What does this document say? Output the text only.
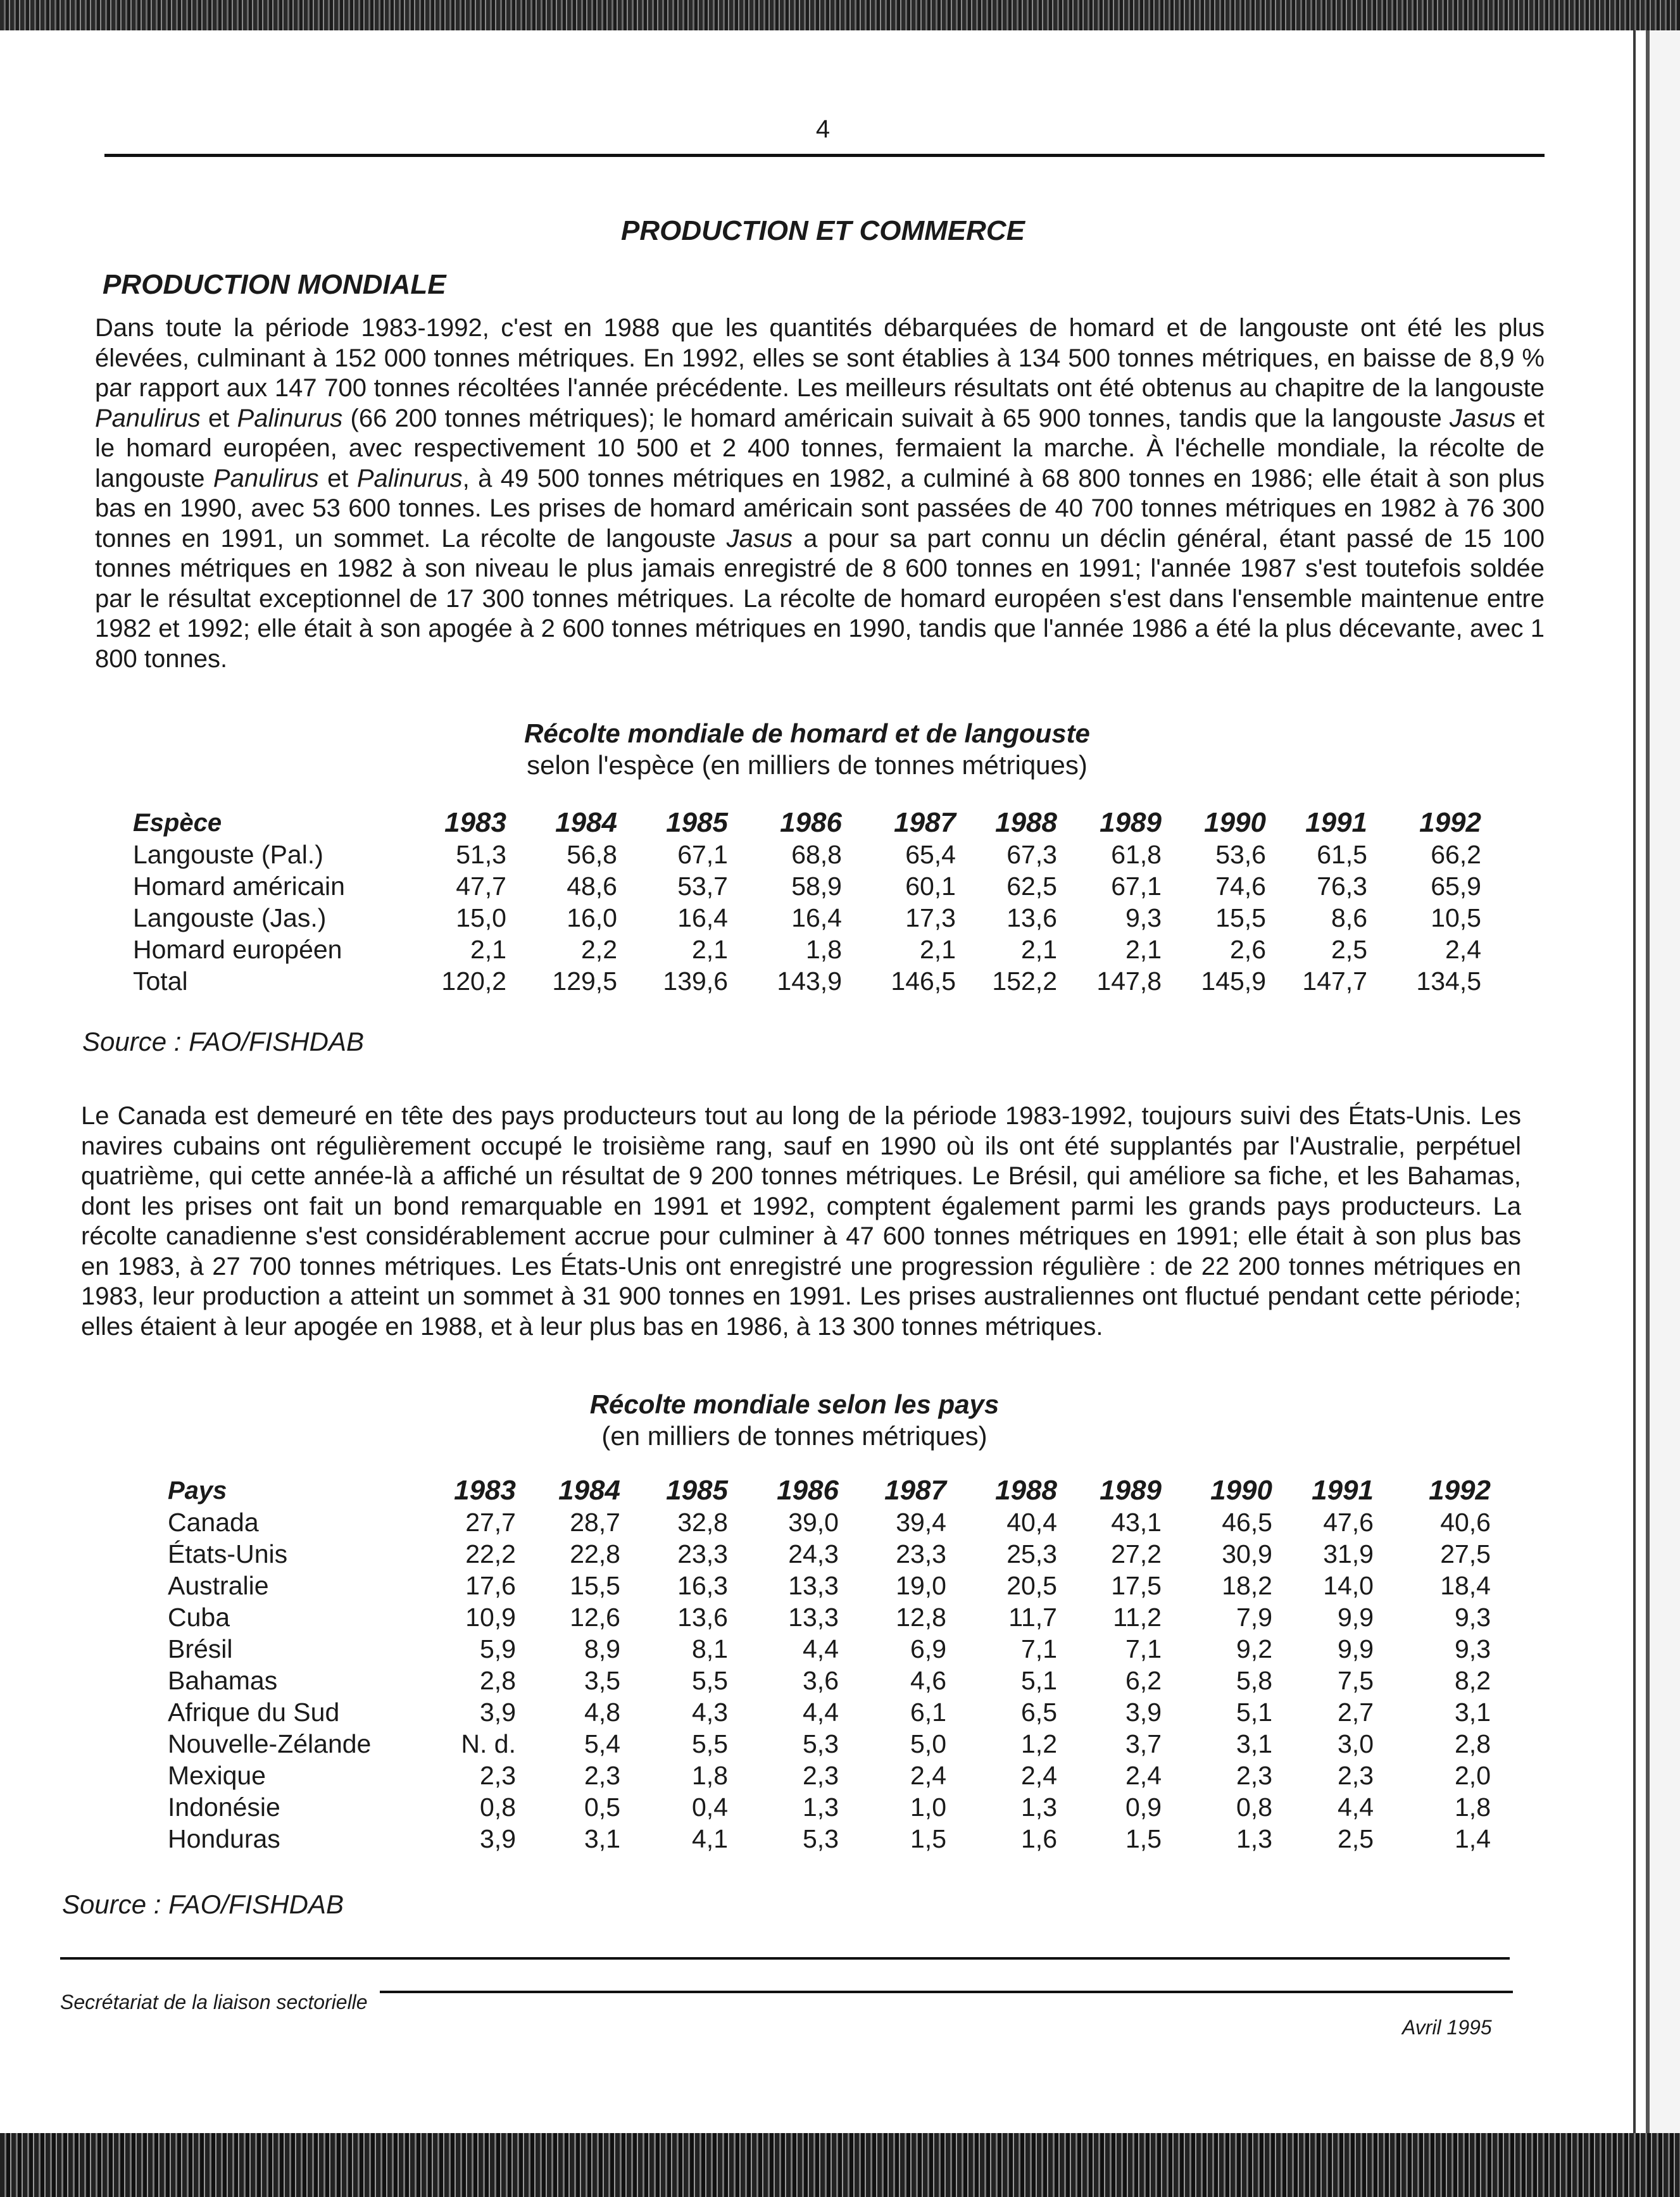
4
PRODUCTION ET COMMERCE
PRODUCTION MONDIALE

Dans toute la période 1983-1992, c'est en 1988 que les quantités débarquées de homard et de langouste ont été les plus élevées, culminant à 152 000 tonnes métriques. En 1992, elles se sont établies à 134 500 tonnes métriques, en baisse de 8,9 % par rapport aux 147 700 tonnes récoltées l'année précédente. Les meilleurs résultats ont été obtenus au chapitre de la langouste Panulirus et Palinurus (66 200 tonnes métriques); le homard américain suivait à 65 900 tonnes, tandis que la langouste Jasus et le homard européen, avec respectivement 10 500 et 2 400 tonnes, fermaient la marche. À l'échelle mondiale, la récolte de langouste Panulirus et Palinurus, à 49 500 tonnes métriques en 1982, a culminé à 68 800 tonnes en 1986; elle était à son plus bas en 1990, avec 53 600 tonnes. Les prises de homard américain sont passées de 40 700 tonnes métriques en 1982 à 76 300 tonnes en 1991, un sommet. La récolte de langouste Jasus a pour sa part connu un déclin général, étant passé de 15 100 tonnes métriques en 1982 à son niveau le plus jamais enregistré de 8 600 tonnes en 1991; l'année 1987 s'est toutefois soldée par le résultat exceptionnel de 17 300 tonnes métriques. La récolte de homard européen s'est dans l'ensemble maintenue entre 1982 et 1992; elle était à son apogée à 2 600 tonnes métriques en 1990, tandis que l'année 1986 a été la plus décevante, avec 1 800 tonnes.

Récolte mondiale de homard et de langouste
selon l'espèce (en milliers de tonnes métriques)
Espèce	1983	1984	1985	1986	1987	1988	1989	1990	1991	1992
Langouste (Pal.)	51,3	56,8	67,1	68,8	65,4	67,3	61,8	53,6	61,5	66,2
Homard américain	47,7	48,6	53,7	58,9	60,1	62,5	67,1	74,6	76,3	65,9
Langouste (Jas.)	15,0	16,0	16,4	16,4	17,3	13,6	9,3	15,5	8,6	10,5
Homard européen	2,1	2,2	2,1	1,8	2,1	2,1	2,1	2,6	2,5	2,4
Total	120,2	129,5	139,6	143,9	146,5	152,2	147,8	145,9	147,7	134,5
Source : FAO/FISHDAB

Le Canada est demeuré en tête des pays producteurs tout au long de la période 1983-1992, toujours suivi des États-Unis. Les navires cubains ont régulièrement occupé le troisième rang, sauf en 1990 où ils ont été supplantés par l'Australie, perpétuel quatrième, qui cette année-là a affiché un résultat de 9 200 tonnes métriques. Le Brésil, qui améliore sa fiche, et les Bahamas, dont les prises ont fait un bond remarquable en 1991 et 1992, comptent également parmi les grands pays producteurs. La récolte canadienne s'est considérablement accrue pour culminer à 47 600 tonnes métriques en 1991; elle était à son plus bas en 1983, à 27 700 tonnes métriques. Les États-Unis ont enregistré une progression régulière : de 22 200 tonnes métriques en 1983, leur production a atteint un sommet à 31 900 tonnes en 1991. Les prises australiennes ont fluctué pendant cette période; elles étaient à leur apogée en 1988, et à leur plus bas en 1986, à 13 300 tonnes métriques.

Récolte mondiale selon les pays
(en milliers de tonnes métriques)
Pays	1983	1984	1985	1986	1987	1988	1989	1990	1991	1992
Canada	27,7	28,7	32,8	39,0	39,4	40,4	43,1	46,5	47,6	40,6
États-Unis	22,2	22,8	23,3	24,3	23,3	25,3	27,2	30,9	31,9	27,5
Australie	17,6	15,5	16,3	13,3	19,0	20,5	17,5	18,2	14,0	18,4
Cuba	10,9	12,6	13,6	13,3	12,8	11,7	11,2	7,9	9,9	9,3
Brésil	5,9	8,9	8,1	4,4	6,9	7,1	7,1	9,2	9,9	9,3
Bahamas	2,8	3,5	5,5	3,6	4,6	5,1	6,2	5,8	7,5	8,2
Afrique du Sud	3,9	4,8	4,3	4,4	6,1	6,5	3,9	5,1	2,7	3,1
Nouvelle-Zélande	N. d.	5,4	5,5	5,3	5,0	1,2	3,7	3,1	3,0	2,8
Mexique	2,3	2,3	1,8	2,3	2,4	2,4	2,4	2,3	2,3	2,0
Indonésie	0,8	0,5	0,4	1,3	1,0	1,3	0,9	0,8	4,4	1,8
Honduras	3,9	3,1	4,1	5,3	1,5	1,6	1,5	1,3	2,5	1,4
Source : FAO/FISHDAB
Secrétariat de la liaison sectorielle
Avril 1995
